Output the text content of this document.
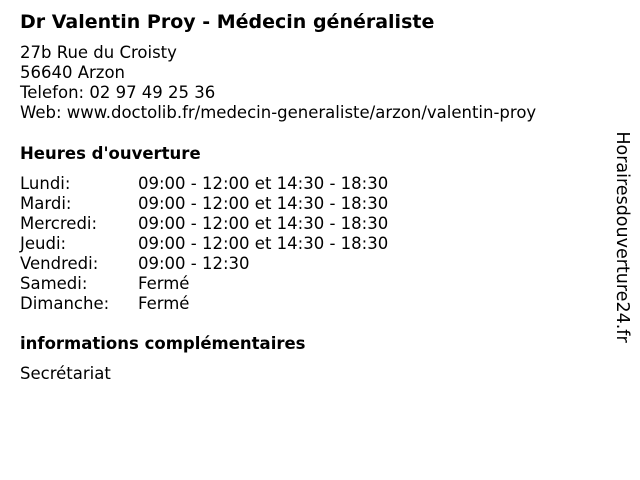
Dr Valentin Proy - Médecin généraliste
27b Rue du Croisty
56640 Arzon
Telefon: 02 97 49 25 36
Web: www.doctolib.fr/medecin-generaliste/arzon/valentin-proy
Heures d'ouverture
Lundi:	09:00 - 12:00 et 14:30 - 18:30
Mardi:	09:00 - 12:00 et 14:30 - 18:30
Mercredi: 09:00 - 12:00 et 14:30 - 18:30
Jeudi:	09:00 - 12:00 et 14:30 - 18:30
Vendredi: 09:00 - 12:30
Samedi:	Fermé
Dimanche: Fermé
informations complémentaires
Secrétariat
Horairesdouverture24.fr
